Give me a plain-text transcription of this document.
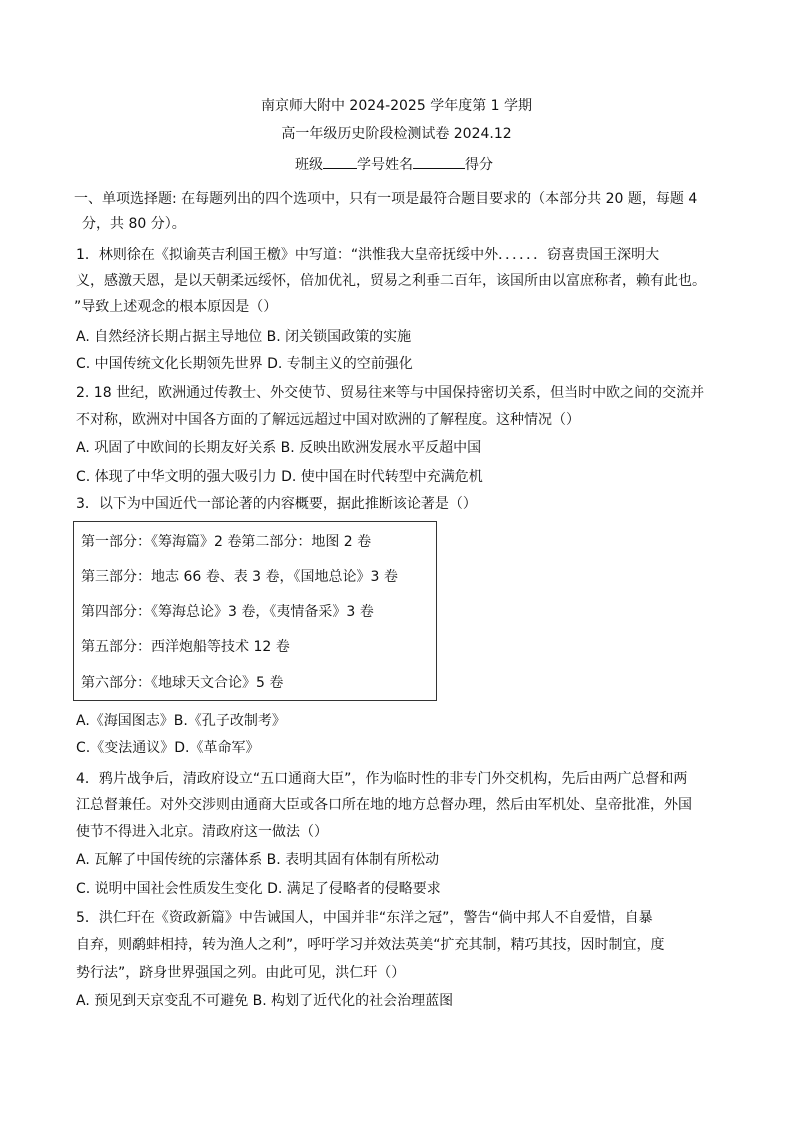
南京师大附中 2024-2025 学年度第 1 学期
高一年级历史阶段检测试卷 2024.12
班级 学号姓名	得分
一、单项选择题: 在每题列出的四个选项中，只有一项是最符合题目要求的（本部分共 20 题，每题 4
分，共 80 分）。
1．林则徐在《拟谕英吉利国王檄》中写道：“洪惟我大皇帝抚绥中外．．．．．．窃喜贵国王深明大
义，感激天恩，是以天朝柔远绥怀，倍加优礼，贸易之利垂二百年，该国所由以富庶称者，赖有此也。
”导致上述观念的根本原因是（）
A. 自然经济长期占据主导地位 B. 闭关锁国政策的实施
C. 中国传统文化长期领先世界 D. 专制主义的空前强化
2. 18 世纪，欧洲通过传教士、外交使节、贸易往来等与中国保持密切关系，但当时中欧之间的交流并
不对称，欧洲对中国各方面的了解远远超过中国对欧洲的了解程度。这种情况（）
A. 巩固了中欧间的长期友好关系 B. 反映出欧洲发展水平反超中国
C. 体现了中华文明的强大吸引力 D. 使中国在时代转型中充满危机
3．以下为中国近代一部论著的内容概要，据此推断该论著是（）
第一部分：《筹海篇》2 卷第二部分：地图 2 卷
第三部分：地志 66 卷、表 3 卷，《国地总论》3 卷
第四部分：《筹海总论》3 卷，《夷情备采》3 卷
第五部分：西洋炮船等技术 12 卷
第六部分：《地球天文合论》5 卷
A.《海国图志》B.《孔子改制考》
C.《变法通议》D.《革命军》
4．鸦片战争后，清政府设立“五口通商大臣”，作为临时性的非专门外交机构，先后由两广总督和两
江总督兼任。对外交涉则由通商大臣或各口所在地的地方总督办理，然后由军机处、皇帝批准，外国
使节不得进入北京。清政府这一做法（）
A. 瓦解了中国传统的宗藩体系 B. 表明其固有体制有所松动
C. 说明中国社会性质发生变化 D. 满足了侵略者的侵略要求
5．洪仁玕在《资政新篇》中告诫国人，中国并非“东洋之冠”，警告“倘中邦人不自爱惜，自暴
自弃，则鹬蚌相持，转为渔人之利”，呼吁学习并效法英美“扩充其制，精巧其技，因时制宜，度
势行法”，跻身世界强国之列。由此可见，洪仁玕（）
A. 预见到天京变乱不可避免 B. 构划了近代化的社会治理蓝图
